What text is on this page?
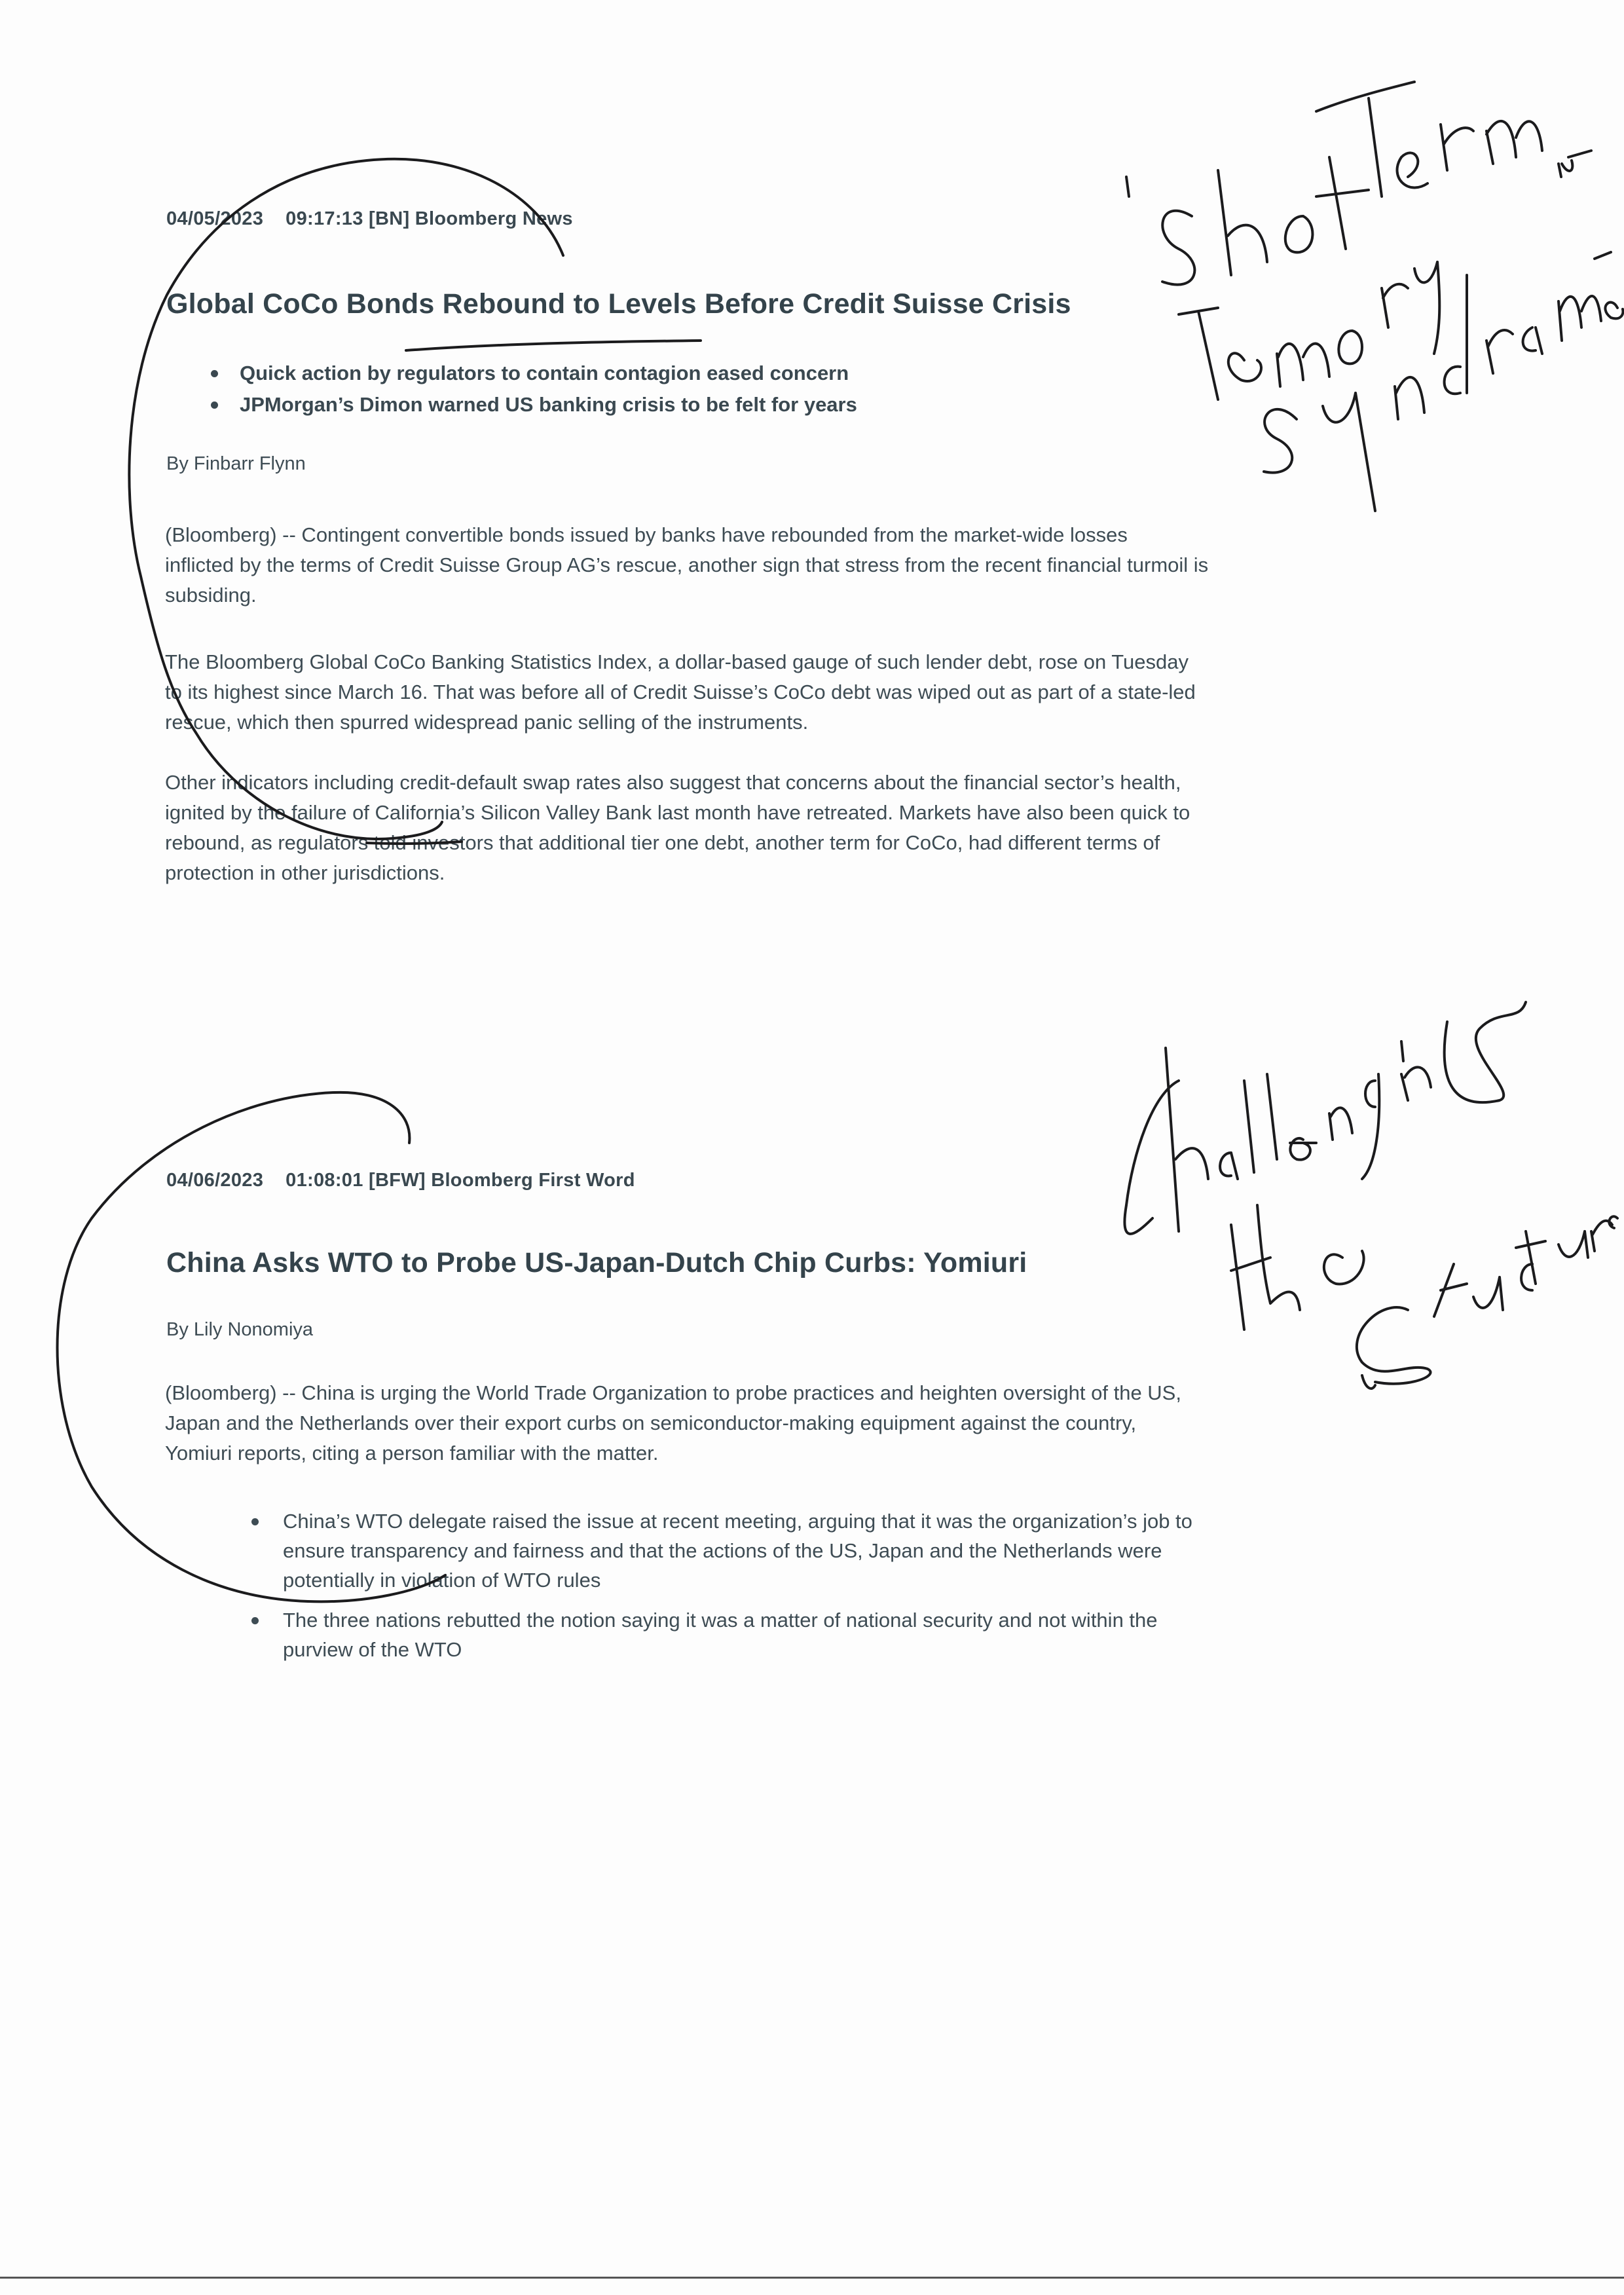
04/05/2023 09:17:13 [BN] Bloomberg News
Global CoCo Bonds Rebound to Levels Before Credit Suisse Crisis
Quick action by regulators to contain contagion eased concern
JPMorgan’s Dimon warned US banking crisis to be felt for years
By Finbarr Flynn

(Bloomberg) -- Contingent convertible bonds issued by banks have rebounded from the market-wide losses
inflicted by the terms of Credit Suisse Group AG’s rescue, another sign that stress from the recent financial turmoil is
subsiding.

The Bloomberg Global CoCo Banking Statistics Index, a dollar-based gauge of such lender debt, rose on Tuesday
to its highest since March 16. That was before all of Credit Suisse’s CoCo debt was wiped out as part of a state-led
rescue, which then spurred widespread panic selling of the instruments.

Other indicators including credit-default swap rates also suggest that concerns about the financial sector’s health,
ignited by the failure of California’s Silicon Valley Bank last month have retreated. Markets have also been quick to
rebound, as regulators told investors that additional tier one debt, another term for CoCo, had different terms of
protection in other jurisdictions.

04/06/2023 01:08:01 [BFW] Bloomberg First Word
China Asks WTO to Probe US-Japan-Dutch Chip Curbs: Yomiuri
By Lily Nonomiya

(Bloomberg) -- China is urging the World Trade Organization to probe practices and heighten oversight of the US,
Japan and the Netherlands over their export curbs on semiconductor-making equipment against the country,
Yomiuri reports, citing a person familiar with the matter.

China’s WTO delegate raised the issue at recent meeting, arguing that it was the organization’s job to
ensure transparency and fairness and that the actions of the US, Japan and the Netherlands were
potentially in violation of WTO rules
The three nations rebutted the notion saying it was a matter of national security and not within the
purview of the WTO
